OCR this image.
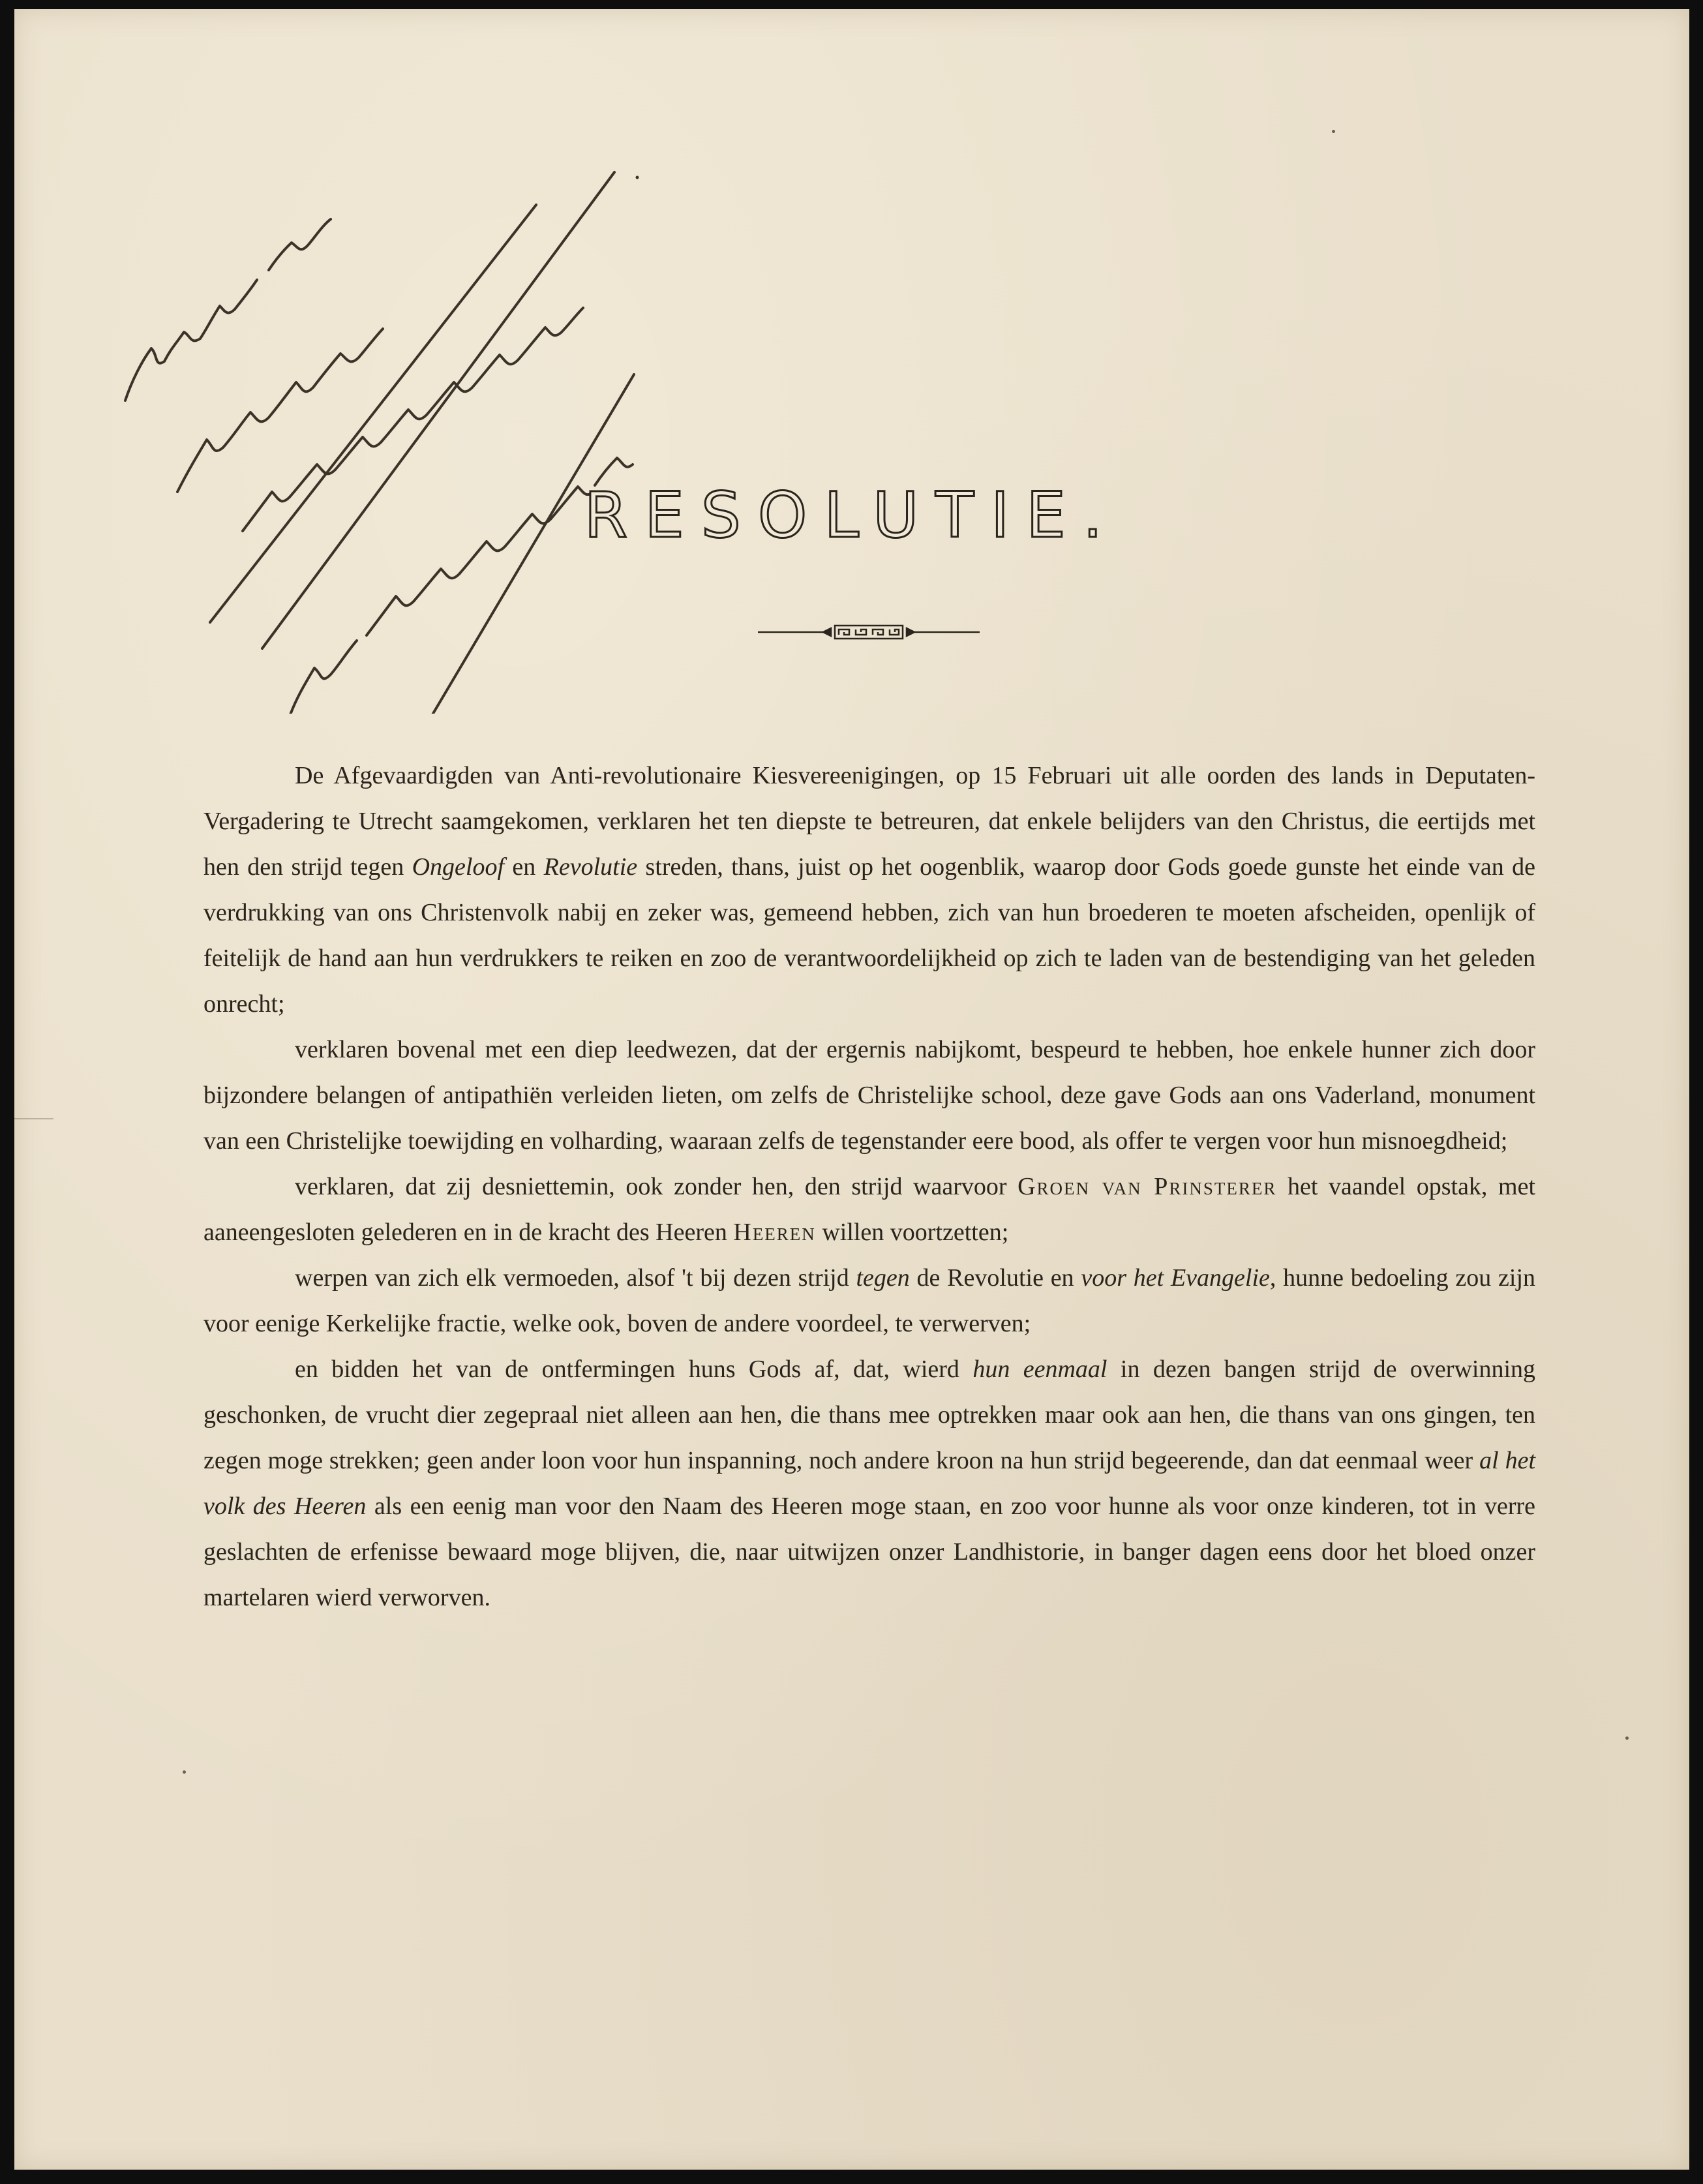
RESOLUTIE.

De Afgevaardigden van Anti-revolutionaire Kiesvereenigingen, op 15 Februari uit alle oorden des lands in Deputaten-Vergadering te Utrecht saamgekomen, verklaren het ten diepste te betreuren, dat enkele belijders van den Christus, die eertijds met hen den strijd tegen Ongeloof en Revolutie streden, thans, juist op het oogenblik, waarop door Gods goede gunste het einde van de verdrukking van ons Christenvolk nabij en zeker was, gemeend hebben, zich van hun broederen te moeten afscheiden, openlijk of feitelijk de hand aan hun verdrukkers te reiken en zoo de verantwoordelijkheid op zich te laden van de bestendiging van het geleden onrecht;

verklaren bovenal met een diep leedwezen, dat der ergernis nabijkomt, bespeurd te hebben, hoe enkele hunner zich door bijzondere belangen of antipathiën verleiden lieten, om zelfs de Christelijke school, deze gave Gods aan ons Vaderland, monument van een Christelijke toewijding en volharding, waaraan zelfs de tegenstander eere bood, als offer te vergen voor hun misnoegdheid;

verklaren, dat zij desniettemin, ook zonder hen, den strijd waarvoor Groen van Prinsterer het vaandel opstak, met aaneengesloten gelederen en in de kracht des Heeren Heeren willen voortzetten;

werpen van zich elk vermoeden, alsof 't bij dezen strijd tegen de Revolutie en voor het Evangelie, hunne bedoeling zou zijn voor eenige Kerkelijke fractie, welke ook, boven de andere voordeel, te verwerven;

en bidden het van de ontfermingen huns Gods af, dat, wierd hun eenmaal in dezen bangen strijd de overwinning geschonken, de vrucht dier zegepraal niet alleen aan hen, die thans mee optrekken maar ook aan hen, die thans van ons gingen, ten zegen moge strekken; geen ander loon voor hun inspanning, noch andere kroon na hun strijd begeerende, dan dat eenmaal weer al het volk des Heeren als een eenig man voor den Naam des Heeren moge staan, en zoo voor hunne als voor onze kinderen, tot in verre geslachten de erfenisse bewaard moge blijven, die, naar uitwijzen onzer Landhistorie, in banger dagen eens door het bloed onzer martelaren wierd verworven.
